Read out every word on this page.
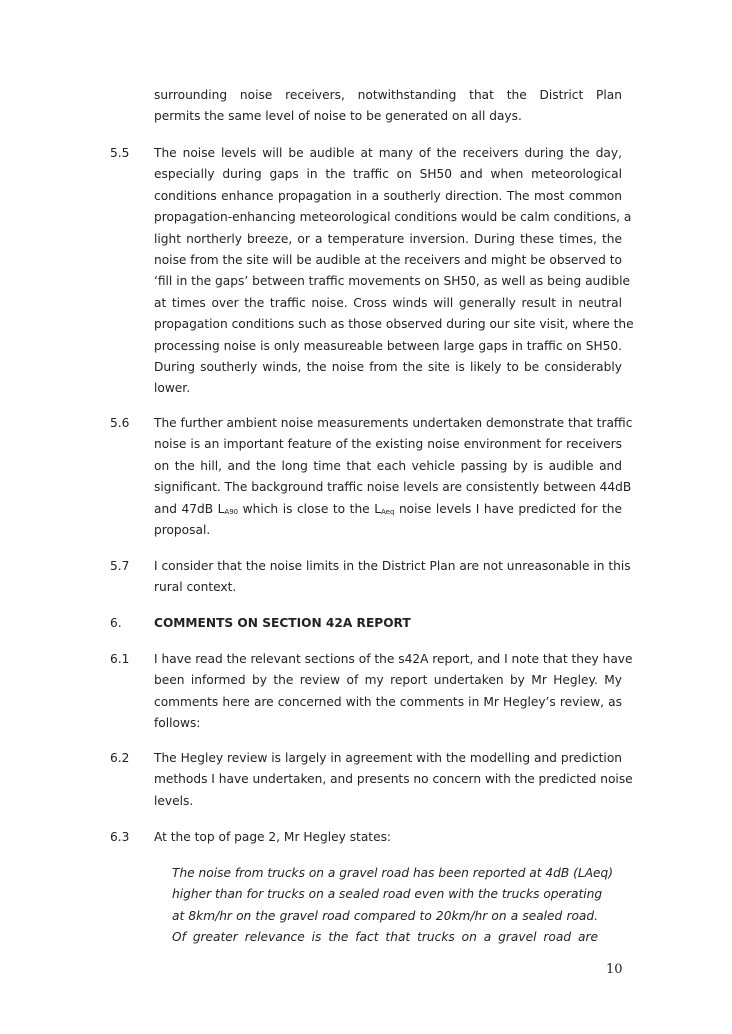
surrounding noise receivers, notwithstanding that the District Plan
permits the same level of noise to be generated on all days.
5.5 The noise levels will be audible at many of the receivers during the day,
especially during gaps in the traffic on SH50 and when meteorological
conditions enhance propagation in a southerly direction. The most common
propagation-enhancing meteorological conditions would be calm conditions, a
light northerly breeze, or a temperature inversion. During these times, the
noise from the site will be audible at the receivers and might be observed to
‘fill in the gaps’ between traffic movements on SH50, as well as being audible
at times over the traffic noise. Cross winds will generally result in neutral
propagation conditions such as those observed during our site visit, where the
processing noise is only measureable between large gaps in traffic on SH50.
During southerly winds, the noise from the site is likely to be considerably
lower.
5.6 The further ambient noise measurements undertaken demonstrate that traffic
noise is an important feature of the existing noise environment for receivers
on the hill, and the long time that each vehicle passing by is audible and
significant. The background traffic noise levels are consistently between 44dB
and 47dB $L_{A90}$ which is close to the $L_{Aeq}$ noise levels I have predicted for the
proposal.
5.7 I consider that the noise limits in the District Plan are not unreasonable in this
rural context.
6.	COMMENTS ON SECTION 42A REPORT
6.1 I have read the relevant sections of the s42A report, and I note that they have
been informed by the review of my report undertaken by Mr Hegley. My
comments here are concerned with the comments in Mr Hegley’s review, as
follows:
6.2 The Hegley review is largely in agreement with the modelling and prediction
methods I have undertaken, and presents no concern with the predicted noise
levels.
6.3 At the top of page 2, Mr Hegley states:
The noise from trucks on a gravel road has been reported at 4dB (LAeq)
higher than for trucks on a sealed road even with the trucks operating
at 8km/hr on the gravel road compared to 20km/hr on a sealed road.
Of greater relevance is the fact that trucks on a gravel road are
10
